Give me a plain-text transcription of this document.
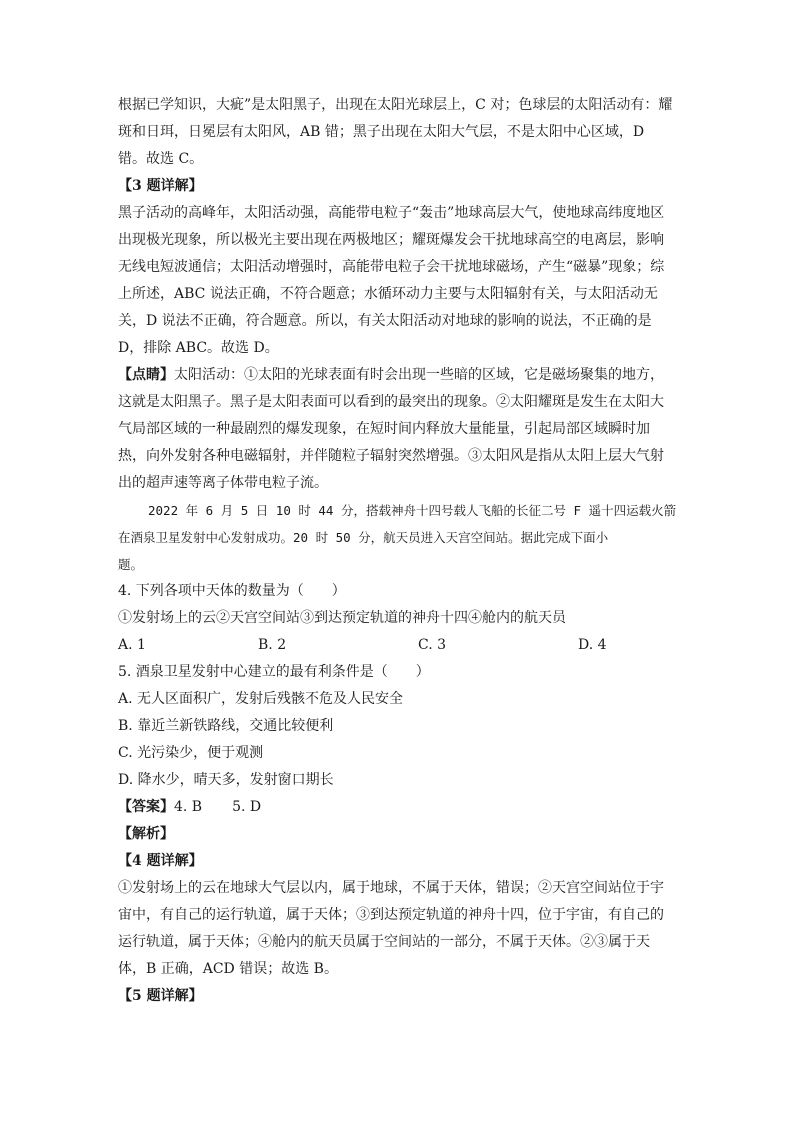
根据已学知识，大疵”是太阳黑子，出现在太阳光球层上，C 对；色球层的太阳活动有：耀
斑和日珥，日冕层有太阳风，AB 错；黑子出现在太阳大气层，不是太阳中心区域，D
错。故选 C。
【3 题详解】
黑子活动的高峰年，太阳活动强，高能带电粒子“轰击”地球高层大气，使地球高纬度地区
出现极光现象，所以极光主要出现在两极地区；耀斑爆发会干扰地球高空的电离层，影响
无线电短波通信；太阳活动增强时，高能带电粒子会干扰地球磁场，产生“磁暴”现象；综
上所述，ABC 说法正确，不符合题意；水循环动力主要与太阳辐射有关，与太阳活动无
关，D 说法不正确，符合题意。所以，有关太阳活动对地球的影响的说法，不正确的是
D，排除 ABC。故选 D。
【点睛】太阳活动：①太阳的光球表面有时会出现一些暗的区域，它是磁场聚集的地方，
这就是太阳黑子。黑子是太阳表面可以看到的最突出的现象。②太阳耀斑是发生在太阳大
气局部区域的一种最剧烈的爆发现象，在短时间内释放大量能量，引起局部区域瞬时加
热，向外发射各种电磁辐射，并伴随粒子辐射突然增强。③太阳风是指从太阳上层大气射
出的超声速等离子体带电粒子流。
2022 年 6 月 5 日 10 时 44 分，搭载神舟十四号载人飞船的长征二号 F 遥十四运载火箭
在酒泉卫星发射中心发射成功。20 时 50 分，航天员进入天宫空间站。据此完成下面小
题。
4. 下列各项中天体的数量为（　　）
①发射场上的云②天宫空间站③到达预定轨道的神舟十四④舱内的航天员
A. 1	B. 2	C. 3	D. 4
5. 酒泉卫星发射中心建立的最有利条件是（　　）
A. 无人区面积广，发射后残骸不危及人民安全
B. 靠近兰新铁路线，交通比较便利
C. 光污染少，便于观测
D. 降水少，晴天多，发射窗口期长
【答案】4. B 5. D
【解析】
【4 题详解】
①发射场上的云在地球大气层以内，属于地球，不属于天体，错误；②天宫空间站位于宇
宙中，有自己的运行轨道，属于天体；③到达预定轨道的神舟十四，位于宇宙，有自己的
运行轨道，属于天体；④舱内的航天员属于空间站的一部分，不属于天体。②③属于天
体，B 正确，ACD 错误；故选 B。
【5 题详解】
